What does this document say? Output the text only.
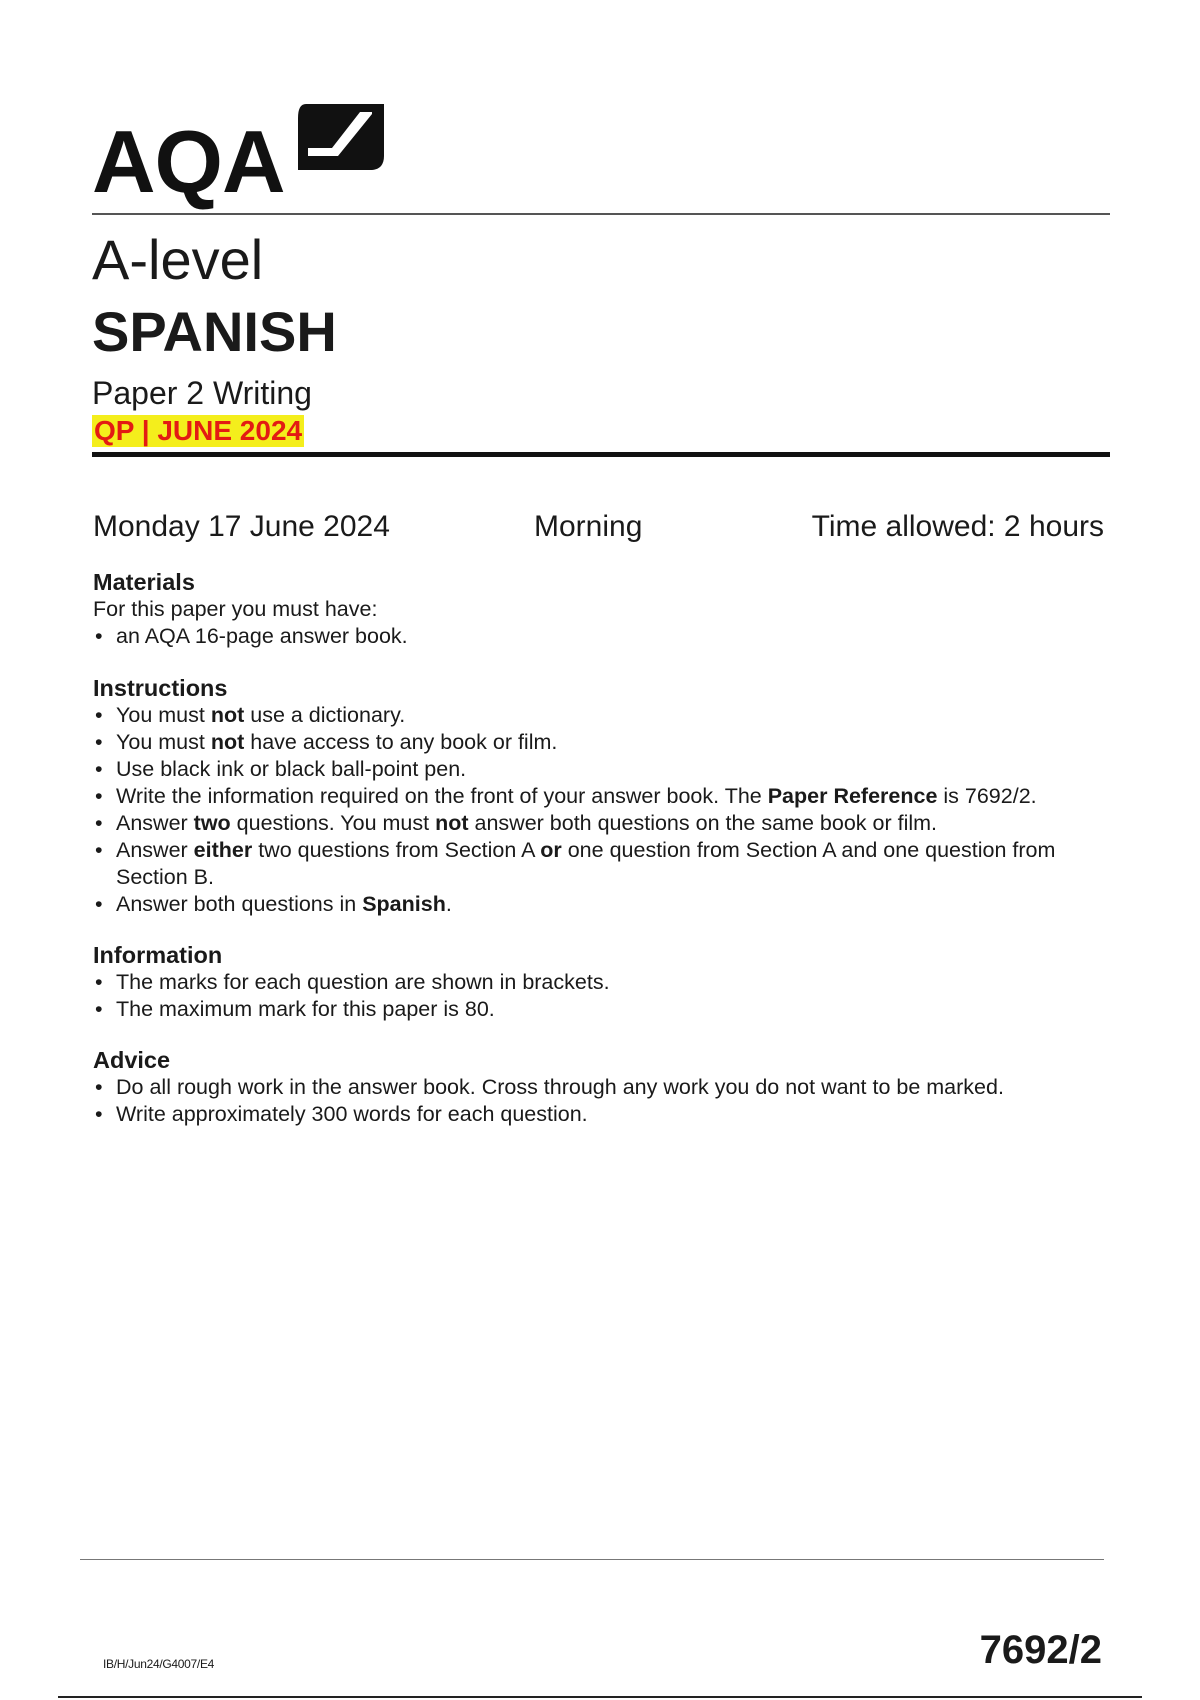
AQA
A-level
SPANISH
Paper 2 Writing
QP | JUNE 2024
Monday 17 June 2024	Morning	Time allowed: 2 hours
Materials

For this paper you must have:

• an AQA 16-page answer book.
Instructions
• You must not use a dictionary.
• You must not have access to any book or film.
• Use black ink or black ball-point pen.
• Write the information required on the front of your answer book. The Paper Reference is 7692/2.
• Answer two questions. You must not answer both questions on the same book or film.
• Answer either two questions from Section A or one question from Section A and one question from Section B.
• Answer both questions in Spanish.
Information
• The marks for each question are shown in brackets.
• The maximum mark for this paper is 80.
Advice
• Do all rough work in the answer book. Cross through any work you do not want to be marked.
• Write approximately 300 words for each question.
IB/H/Jun24/G4007/E4	7692/2
